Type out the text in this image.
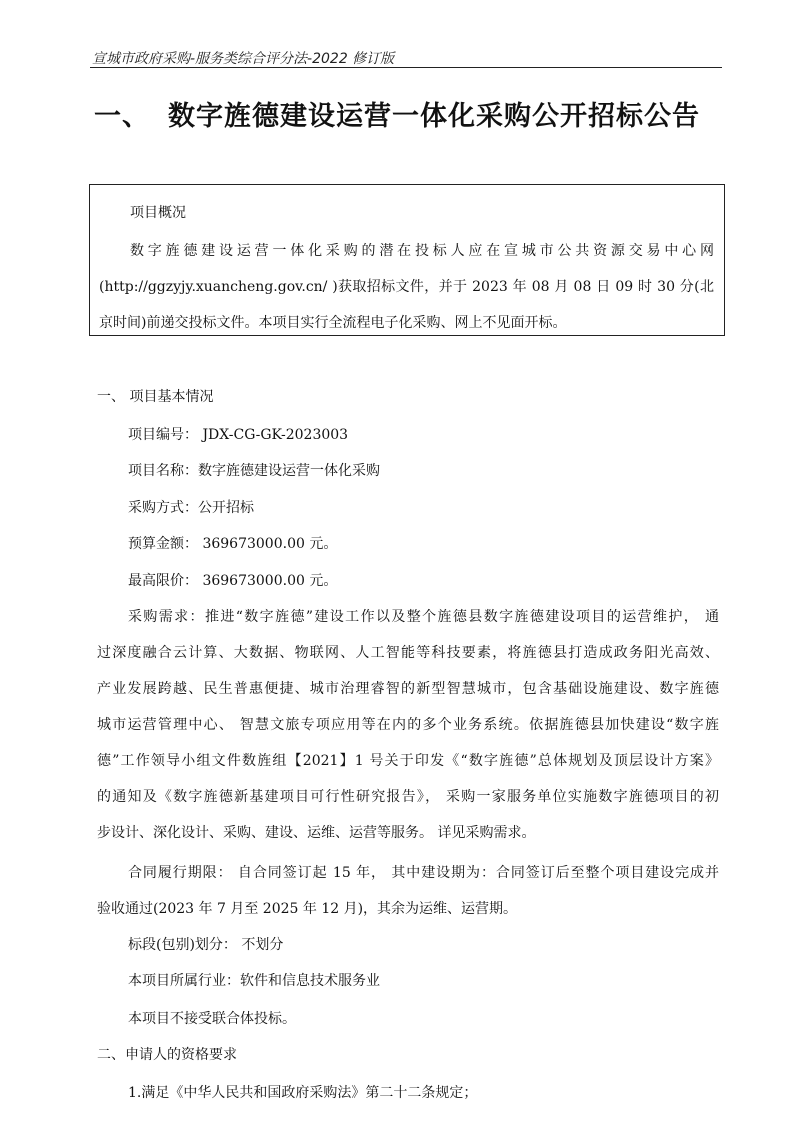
宣城市政府采购-服务类综合评分法-2022 修订版
一、 数字旌德建设运营一体化采购公开招标公告
项目概况
数字旌德建设运营一体化采购的潜在投标人应在宣城市公共资源交易中心网
(http://ggzyjy.xuancheng.gov.cn/ )获取招标文件，并于 2023 年 08 月 08 日 09 时 30 分(北
京时间)前递交投标文件。本项目实行全流程电子化采购、网上不见面开标。
一、 项目基本情况
项目编号： JDX-CG-GK-2023003
项目名称：数字旌德建设运营一体化采购
采购方式：公开招标
预算金额： 369673000.00 元。
最高限价： 369673000.00 元。
采购需求：推进“数字旌德”建设工作以及整个旌德县数字旌德建设项目的运营维护， 通
过深度融合云计算、大数据、物联网、人工智能等科技要素，将旌德县打造成政务阳光高效、
产业发展跨越、民生普惠便捷、城市治理睿智的新型智慧城市，包含基础设施建设、数字旌德
城市运营管理中心、 智慧文旅专项应用等在内的多个业务系统。依据旌德县加快建设“数字旌
德”工作领导小组文件数旌组【2021】1 号关于印发《“数字旌德”总体规划及顶层设计方案》
的通知及《数字旌德新基建项目可行性研究报告》， 采购一家服务单位实施数字旌德项目的初
步设计、深化设计、采购、建设、运维、运营等服务。 详见采购需求。
合同履行期限： 自合同签订起 15 年， 其中建设期为：合同签订后至整个项目建设完成并
验收通过(2023 年 7 月至 2025 年 12 月)，其余为运维、运营期。
标段(包别)划分： 不划分
本项目所属行业：软件和信息技术服务业
本项目不接受联合体投标。
二、申请人的资格要求
1.满足《中华人民共和国政府采购法》第二十二条规定；
